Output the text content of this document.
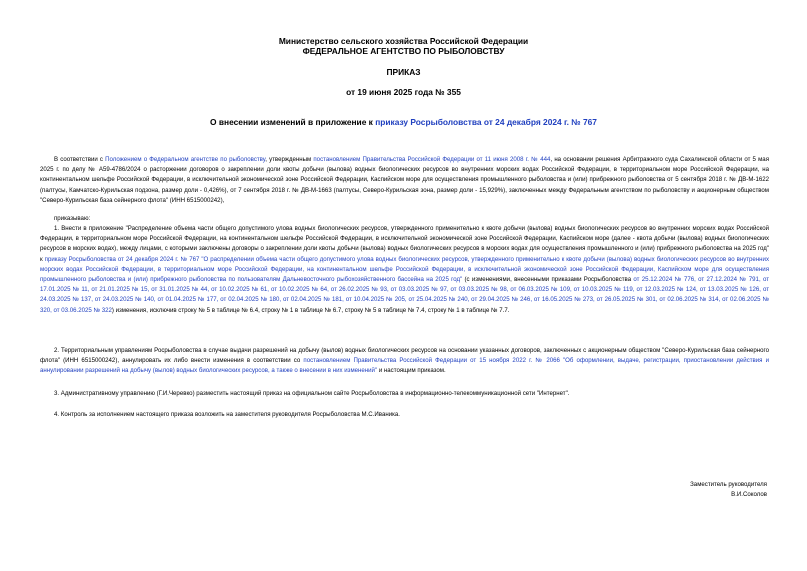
Министерство сельского хозяйства Российской Федерации
ФЕДЕРАЛЬНОЕ АГЕНТСТВО ПО РЫБОЛОВСТВУ
ПРИКАЗ
от 19 июня 2025 года № 355
О внесении изменений в приложение к приказу Росрыболовства от 24 декабря 2024 г. № 767

В соответствии с Положением о Федеральном агентстве по рыболовству, утвержденным постановлением Правительства Российской Федерации от 11 июня 2008 г. № 444, на основании решения Арбитражного суда Сахалинской области от 5 мая 2025 г. по делу № А59-4786/2024 о расторжении договоров о закреплении доли квоты добычи (вылова) водных биологических ресурсов во внутренних морских водах Российской Федерации, в территориальном море Российской Федерации, на континентальном шельфе Российской Федерации, в исключительной экономической зоне Российской Федерации, Каспийском море для осуществления промышленного рыболовства и (или) прибрежного рыболовства от 5 сентября 2018 г. № ДВ-М-1622 (палтусы, Камчатско-Курильская подзона, размер доли - 0,426%), от 7 сентября 2018 г. № ДВ-М-1663 (палтусы, Северо-Курильская зона, размер доли - 15,929%), заключенных между Федеральным агентством по рыболовству и акционерным обществом "Северо-Курильская база сейнерного флота" (ИНН 6515000242),

приказываю:

1. Внести в приложение "Распределение объема части общего допустимого улова водных биологических ресурсов, утвержденного применительно к квоте добычи (вылова) водных биологических ресурсов во внутренних морских водах Российской Федерации, в территориальном море Российской Федерации, на континентальном шельфе Российской Федерации, в исключительной экономической зоне Российской Федерации, Каспийском море (далее - квота добычи (вылова) водных биологических ресурсов в морских водах), между лицами, с которыми заключены договоры о закреплении доли квоты добычи (вылова) водных биологических ресурсов в морских водах для осуществления промышленного и (или) прибрежного рыболовства на 2025 год" к приказу Росрыболовства от 24 декабря 2024 г. № 767 "О распределении объема части общего допустимого улова водных биологических ресурсов, утвержденного применительно к квоте добычи (вылова) водных биологических ресурсов во внутренних морских водах Российской Федерации, в территориальном море Российской Федерации, на континентальном шельфе Российской Федерации, в исключительной экономической зоне Российской Федерации, Каспийском море для осуществления промышленного рыболовства и (или) прибрежного рыболовства по пользователям Дальневосточного рыбохозяйственного бассейна на 2025 год" (с изменениями, внесенными приказами Росрыболовства от 25.12.2024 № 776, от 27.12.2024 № 791, от 17.01.2025 № 11, от 21.01.2025 № 15, от 31.01.2025 № 44, от 10.02.2025 № 61, от 10.02.2025 № 64, от 26.02.2025 № 93, от 03.03.2025 № 97, от 03.03.2025 № 98, от 06.03.2025 № 109, от 10.03.2025 № 119, от 12.03.2025 № 124, от 13.03.2025 № 126, от 24.03.2025 № 137, от 24.03.2025 № 140, от 01.04.2025 № 177, от 02.04.2025 № 180, от 02.04.2025 № 181, от 10.04.2025 № 205, от 25.04.2025 № 240, от 29.04.2025 № 246, от 16.05.2025 № 273, от 26.05.2025 № 301, от 02.06.2025 № 314, от 02.06.2025 № 320, от 03.06.2025 № 322) изменения, исключив строку № 5 в таблице № 6.4, строку № 1 в таблице № 6.7, строку № 5 в таблице № 7.4, строку № 1 в таблице № 7.7.

2. Территориальным управлениям Росрыболовства в случае выдачи разрешений на добычу (вылов) водных биологических ресурсов на основании указанных договоров, заключенных с акционерным обществом "Северо-Курильская база сейнерного флота" (ИНН 6515000242), аннулировать их либо внести изменения в соответствии со постановлением Правительства Российской Федерации от 15 ноября 2022 г. № 2066 "Об оформлении, выдаче, регистрации, приостановлении действия и аннулировании разрешений на добычу (вылов) водных биологических ресурсов, а также о внесении в них изменений" и настоящим приказом.

3. Административному управлению (Г.И.Черевко) разместить настоящий приказ на официальном сайте Росрыболовства в информационно-телекоммуникационной сети "Интернет".

4. Контроль за исполнением настоящего приказа возложить на заместителя руководителя Росрыболовства М.С.Иваника.

Заместитель руководителя
В.И.Соколов
